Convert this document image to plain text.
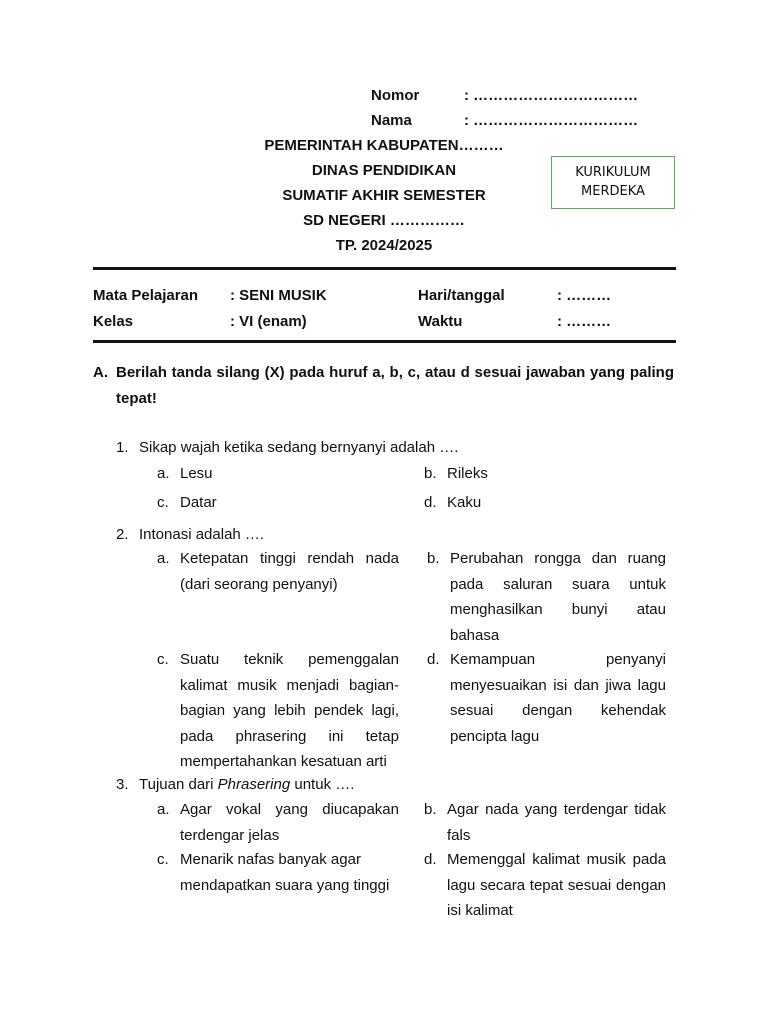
Nomor	: ……………………………
Nama	: ……………………………
PEMERINTAH KABUPATEN………
DINAS PENDIDIKAN
SUMATIF AKHIR SEMESTER
SD NEGERI ……………
TP. 2024/2025
KURIKULUM
MERDEKA
Mata Pelajaran : SENI MUSIK	Hari/tanggal	: ………
Kelas	: VI (enam)	Waktu	: ………
A. Berilah tanda silang (X) pada huruf a, b, c, atau d sesuai jawaban yang paling tepat!
1. Sikap wajah ketika sedang bernyanyi adalah ….
a. Lesu	b. Rileks
c. Datar	d. Kaku
2. Intonasi adalah ….
a. Ketepatan tinggi rendah nada (dari seorang penyanyi)
b. Perubahan rongga dan ruang pada saluran suara untuk menghasilkan bunyi atau bahasa
c. Suatu teknik pemenggalan kalimat musik menjadi bagian-bagian yang lebih pendek lagi, pada phrasering ini tetap mempertahankan kesatuan arti
d. Kemampuan penyanyi menyesuaikan isi dan jiwa lagu sesuai dengan kehendak pencipta lagu
3. Tujuan dari Phrasering untuk ….
a. Agar vokal yang diucapakan terdengar jelas
b. Agar nada yang terdengar tidak fals
c. Menarik nafas banyak agar mendapatkan suara yang tinggi
d. Memenggal kalimat musik pada lagu secara tepat sesuai dengan isi kalimat
